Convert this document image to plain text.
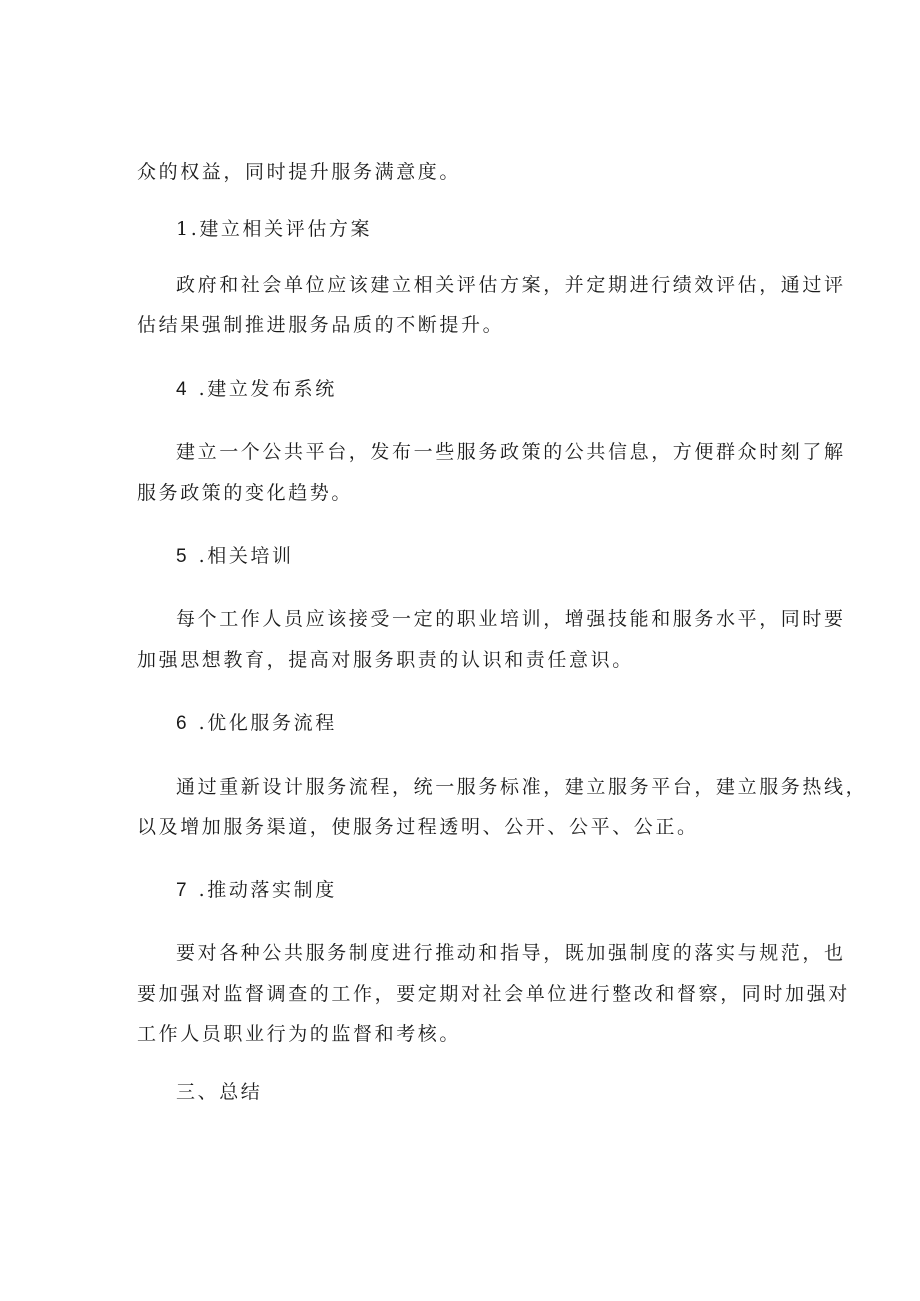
众的权益，同时提升服务满意度。
1.建立相关评估方案
政府和社会单位应该建立相关评估方案，并定期进行绩效评估，通过评
估结果强制推进服务品质的不断提升。
4 .建立发布系统
建立一个公共平台，发布一些服务政策的公共信息，方便群众时刻了解
服务政策的变化趋势。
5 .相关培训
每个工作人员应该接受一定的职业培训，增强技能和服务水平，同时要
加强思想教育，提高对服务职责的认识和责任意识。
6 .优化服务流程
通过重新设计服务流程，统一服务标准，建立服务平台，建立服务热线，
以及增加服务渠道，使服务过程透明、公开、公平、公正。
7 .推动落实制度
要对各种公共服务制度进行推动和指导，既加强制度的落实与规范，也
要加强对监督调查的工作，要定期对社会单位进行整改和督察，同时加强对
工作人员职业行为的监督和考核。
三、总结
